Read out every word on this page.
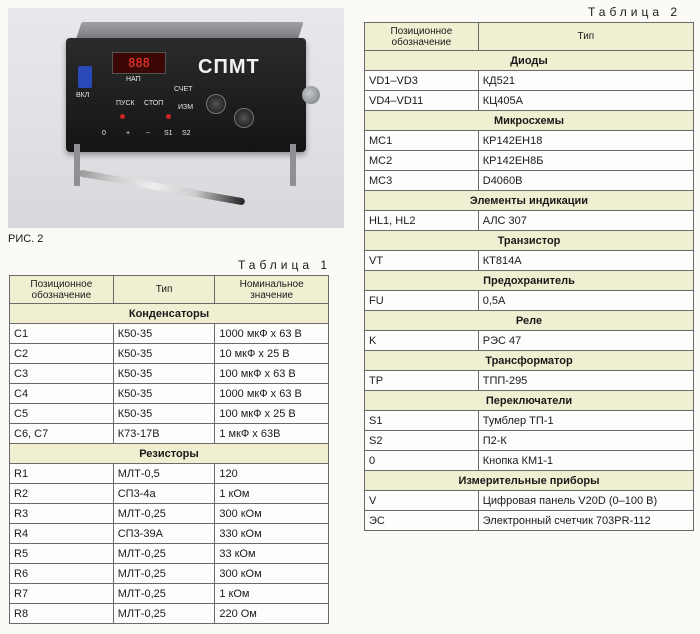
888	СПМТ
ВКЛ
НАП
ПУСК СТОП
СЧЕТ
ИЗМ
0	+ − S1 S2
РИС. 2
Таблица 1
Позиционное обозначение	Тип	Номинальное значение
Конденсаторы		
C1	К50-35	1000 мкФ х 63 В
C2	К50-35	10 мкФ х 25 В
C3	К50-35	100 мкФ х 63 В
C4	К50-35	1000 мкФ х 63 В
C5	К50-35	100 мкФ х 25 В
C6, C7	К73-17В	1 мкФ х 63В
Резисторы		
R1	МЛТ-0,5	120
R2	СП3-4а	1 кОм
R3	МЛТ-0,25	300 кОм
R4	СП3-39А	330 кОм
R5	МЛТ-0,25	33 кОм
R6	МЛТ-0,25	300 кОм
R7	МЛТ-0,25	1 кОм
R8	МЛТ-0,25	220 Ом
Таблица 2
Позиционное обозначение	Тип
Диоды	
VD1–VD3	КД521
VD4–VD11	КЦ405А
Микросхемы	
MC1	КР142ЕН18
MC2	КР142ЕН8Б
MC3	D4060B
Элементы индикации	
HL1, HL2	АЛС 307
Транзистор	
VT	КТ814А
Предохранитель	
FU	0,5А
Реле	
K	РЭС 47
Трансформатор	
TP	ТПП-295
Переключатели	
S1	Тумблер ТП-1
S2	П2-К
0	Кнопка КМ1-1
Измерительные приборы	
V	Цифровая панель V20D (0–100 В)
ЭС	Электронный счетчик 703PR-112
